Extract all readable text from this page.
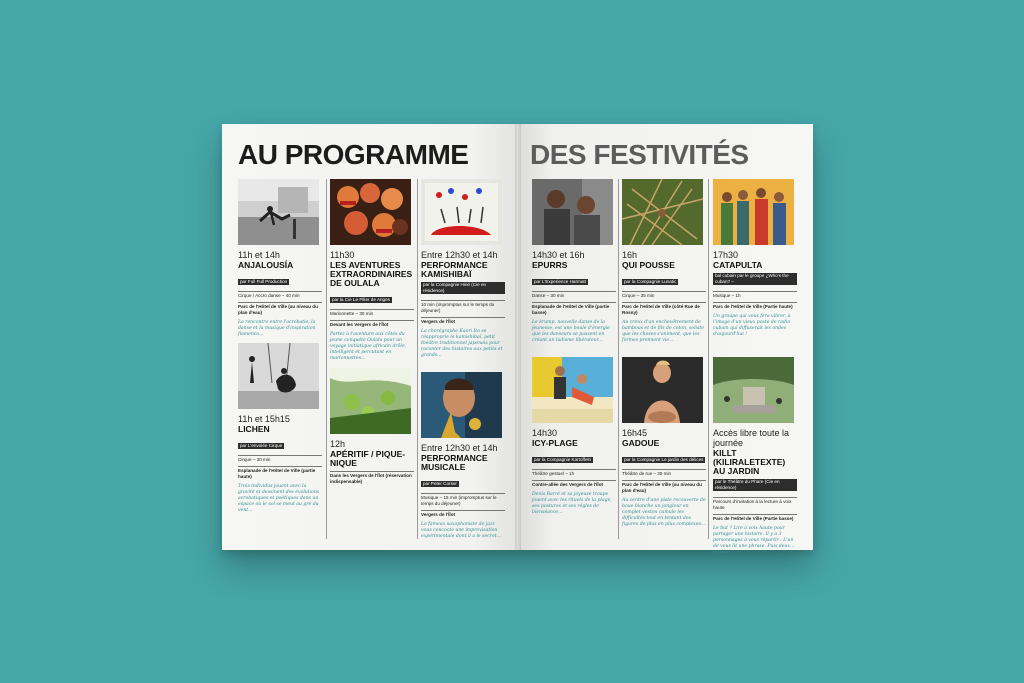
AU PROGRAMME
11h et 14h
ANJALOUSÍA
par Full Full Production
Cirque / Accro danse – 40 min
Parc de l'Hôtel de Ville (au niveau du plan d'eau)
La rencontre entre l'acrobatie, la danse et la musique d'inspiration flamenco...
11h et 15h15
LICHEN
par L'envolée Cirque
Cirque – 30 min
Esplanade de l'Hôtel de Ville (partie haute)
Trois individus jouent avec la gravité et dessinent des évolutions acrobatiques et poétiques dans un espace où le sol se meut au gré du vent...
11h30
LES AVENTURES EXTRAORDINAIRES DE OULALA
par la Cie Le Pilier de Anges
Marionnette – 30 min
Devant les Vergers de l'Îlot
Partez à l'aventure aux côtés du jeune conquéte Oulala pour un voyage initiatique africain drôle, intelligent et percutant en marionnettes...
12h
APÉRITIF / PIQUE-NIQUE
Dans les Vergers de l'Îlot (réservation indispensable)
Entre 12h30 et 14h
PERFORMANCE KAMISHIBAÏ
par la Compagnie Hiné (Cie en résidence)
10 min (impromptus sur le temps du déjeuner)
Vergers de l'Îlot
La chorégraphe Kaori Ito se réapproprie le kamishibaï, petit théâtre traditionnel japonais pour raconter des histoires aux petits et grands...
Entre 12h30 et 14h
PERFORMANCE MUSICALE
par Peter Corser
Musique – 15 min (impromptus sur le temps du déjeuner)
Vergers de l'Îlot
Le fameux saxophoniste de jazz vous concocte une improvisation expérimentale dont il a le secret...
DES FESTIVITÉS
14h30 et 16h
EPURRS
par L'Experience Harmatt
Danse – 30 min
Esplanade de l'Hôtel de Ville (partie basse)
Le krump, nouvelle danse de la jeunesse, est une boule d'énergie que les danseurs se passent en créant un ludisme libérateur...
14h30
ICY-PLAGE
par la Compagnie Kartoffeln
Théâtre gestuel – 1h
Contre-allée des Vergers de l'Îlot
Denis Barré et sa joyeuse troupe jouent avec les rituels de la plage, ses postures et ses règles de bienséance...
16h
QUI POUSSE
par la Compagnie Lunatic
Cirque – 35 min
Parc de l'Hôtel de Ville (côté Rue de Rosny)
Au creux d'un enchevêtrement de bambous et de fils de coton, soliste que les choses s'animent, que les formes prennent vie...
16h45
GADOUE
par la Compagnie Le jardin des délices
Théâtre de rue – 30 min
Parc de l'Hôtel de Ville (au niveau du plan d'eau)
Au centre d'une piste recouverte de boue blanche un jongleur en complet veston cumule les difficultés tout en tentant des figures de plus en plus complexes...
17h30
CATAPULTA
bal cubain par le groupe ¿Who's the cuban? –
Musique – 1h
Parc de l'Hôtel de Ville (Partie haute)
Un groupe qui vous fera vibrer, à l'image d'un vieux poste de radio cubain qui diffuserait les ondes d'aujourd'hui !
Accès libre toute la journée
KILLT (KILIRALETEXTE) AU JARDIN
par le Théâtre du Phare (Cie en résidence)
Parcours d'invitation à la lecture à voix haute
Parc de l'Hôtel de Ville (Partie basse)
Le but ? Lire à voix haute pour partager une histoire. Il y a 3 personnages à vous répartir : L'un de vous lit une phrase. Puis deux... ou dix !
